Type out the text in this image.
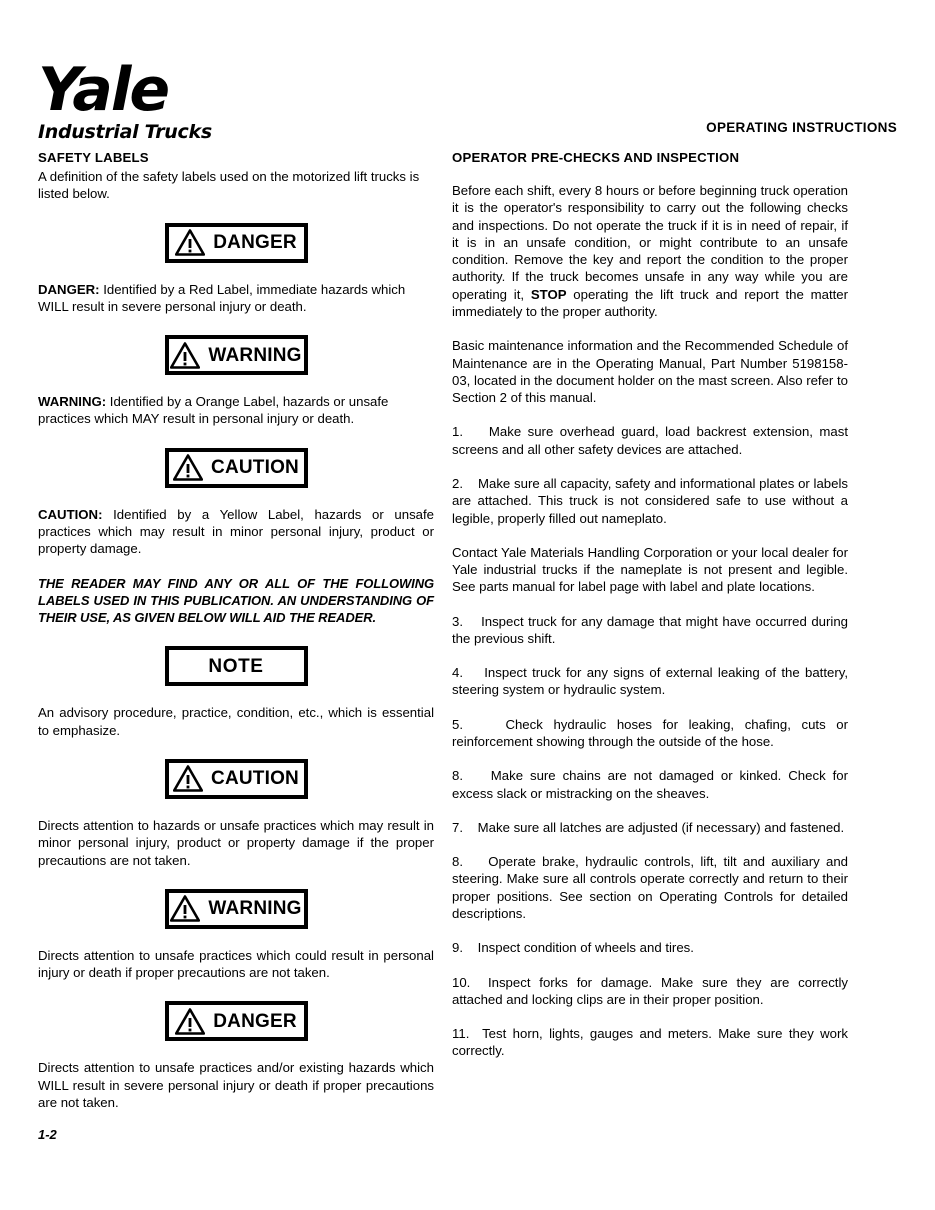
Yale
Industrial Trucks	OPERATING INSTRUCTIONS
SAFETY LABELS

A definition of the safety labels used on the motorized lift trucks is listed below.

DANGER

DANGER: Identified by a Red Label, immediate hazards which WILL result in severe personal injury or death.

WARNING

WARNING: Identified by a Orange Label, hazards or unsafe practices which MAY result in personal injury or death.

CAUTION

CAUTION: Identified by a Yellow Label, hazards or unsafe practices which may result in minor personal injury, product or property damage.

THE READER MAY FIND ANY OR ALL OF THE FOLLOWING LABELS USED IN THIS PUBLICATION. AN UNDERSTANDING OF THEIR USE, AS GIVEN BELOW WILL AID THE READER.

NOTE

An advisory procedure, practice, condition, etc., which is essential to emphasize.

CAUTION

Directs attention to hazards or unsafe practices which may result in minor personal injury, product or property damage if the proper precautions are not taken.

WARNING

Directs attention to unsafe practices which could result in personal injury or death if proper precautions are not taken.

DANGER

Directs attention to unsafe practices and/or existing hazards which WILL result in severe personal injury or death if proper precautions are not taken.

OPERATOR PRE-CHECKS AND INSPECTION

Before each shift, every 8 hours or before beginning truck operation it is the operator's responsibility to carry out the following checks and inspections. Do not operate the truck if it is in need of repair, if it is in an unsafe condition, or might contribute to an unsafe condition. Remove the key and report the condition to the proper authority. If the truck becomes unsafe in any way while you are operating it, STOP operating the lift truck and report the matter immediately to the proper authority.

Basic maintenance information and the Recommended Schedule of Maintenance are in the Operating Manual, Part Number 5198158-03, located in the document holder on the mast screen. Also refer to Section 2 of this manual.

1. Make sure overhead guard, load backrest extension, mast screens and all other safety devices are attached.

2. Make sure all capacity, safety and informational plates or labels are attached. This truck is not considered safe to use without a legible, properly filled out nameplato.

Contact Yale Materials Handling Corporation or your local dealer for Yale industrial trucks if the nameplate is not present and legible. See parts manual for label page with label and plate locations.

3. Inspect truck for any damage that might have occurred during the previous shift.

4. Inspect truck for any signs of external leaking of the battery, steering system or hydraulic system.

5.	Check hydraulic hoses for leaking, chafing, cuts or reinforcement showing through the outside of the hose.

8. Make sure chains are not damaged or kinked. Check for excess slack or mistracking on the sheaves.

7. Make sure all latches are adjusted (if necessary) and fastened.

8. Operate brake, hydraulic controls, lift, tilt and auxiliary and steering. Make sure all controls operate correctly and return to their proper positions. See section on Operating Controls for detailed descriptions.

9. Inspect condition of wheels and tires.

10. Inspect forks for damage. Make sure they are correctly attached and locking clips are in their proper position.

11. Test horn, lights, gauges and meters. Make sure they work correctly.

1-2
